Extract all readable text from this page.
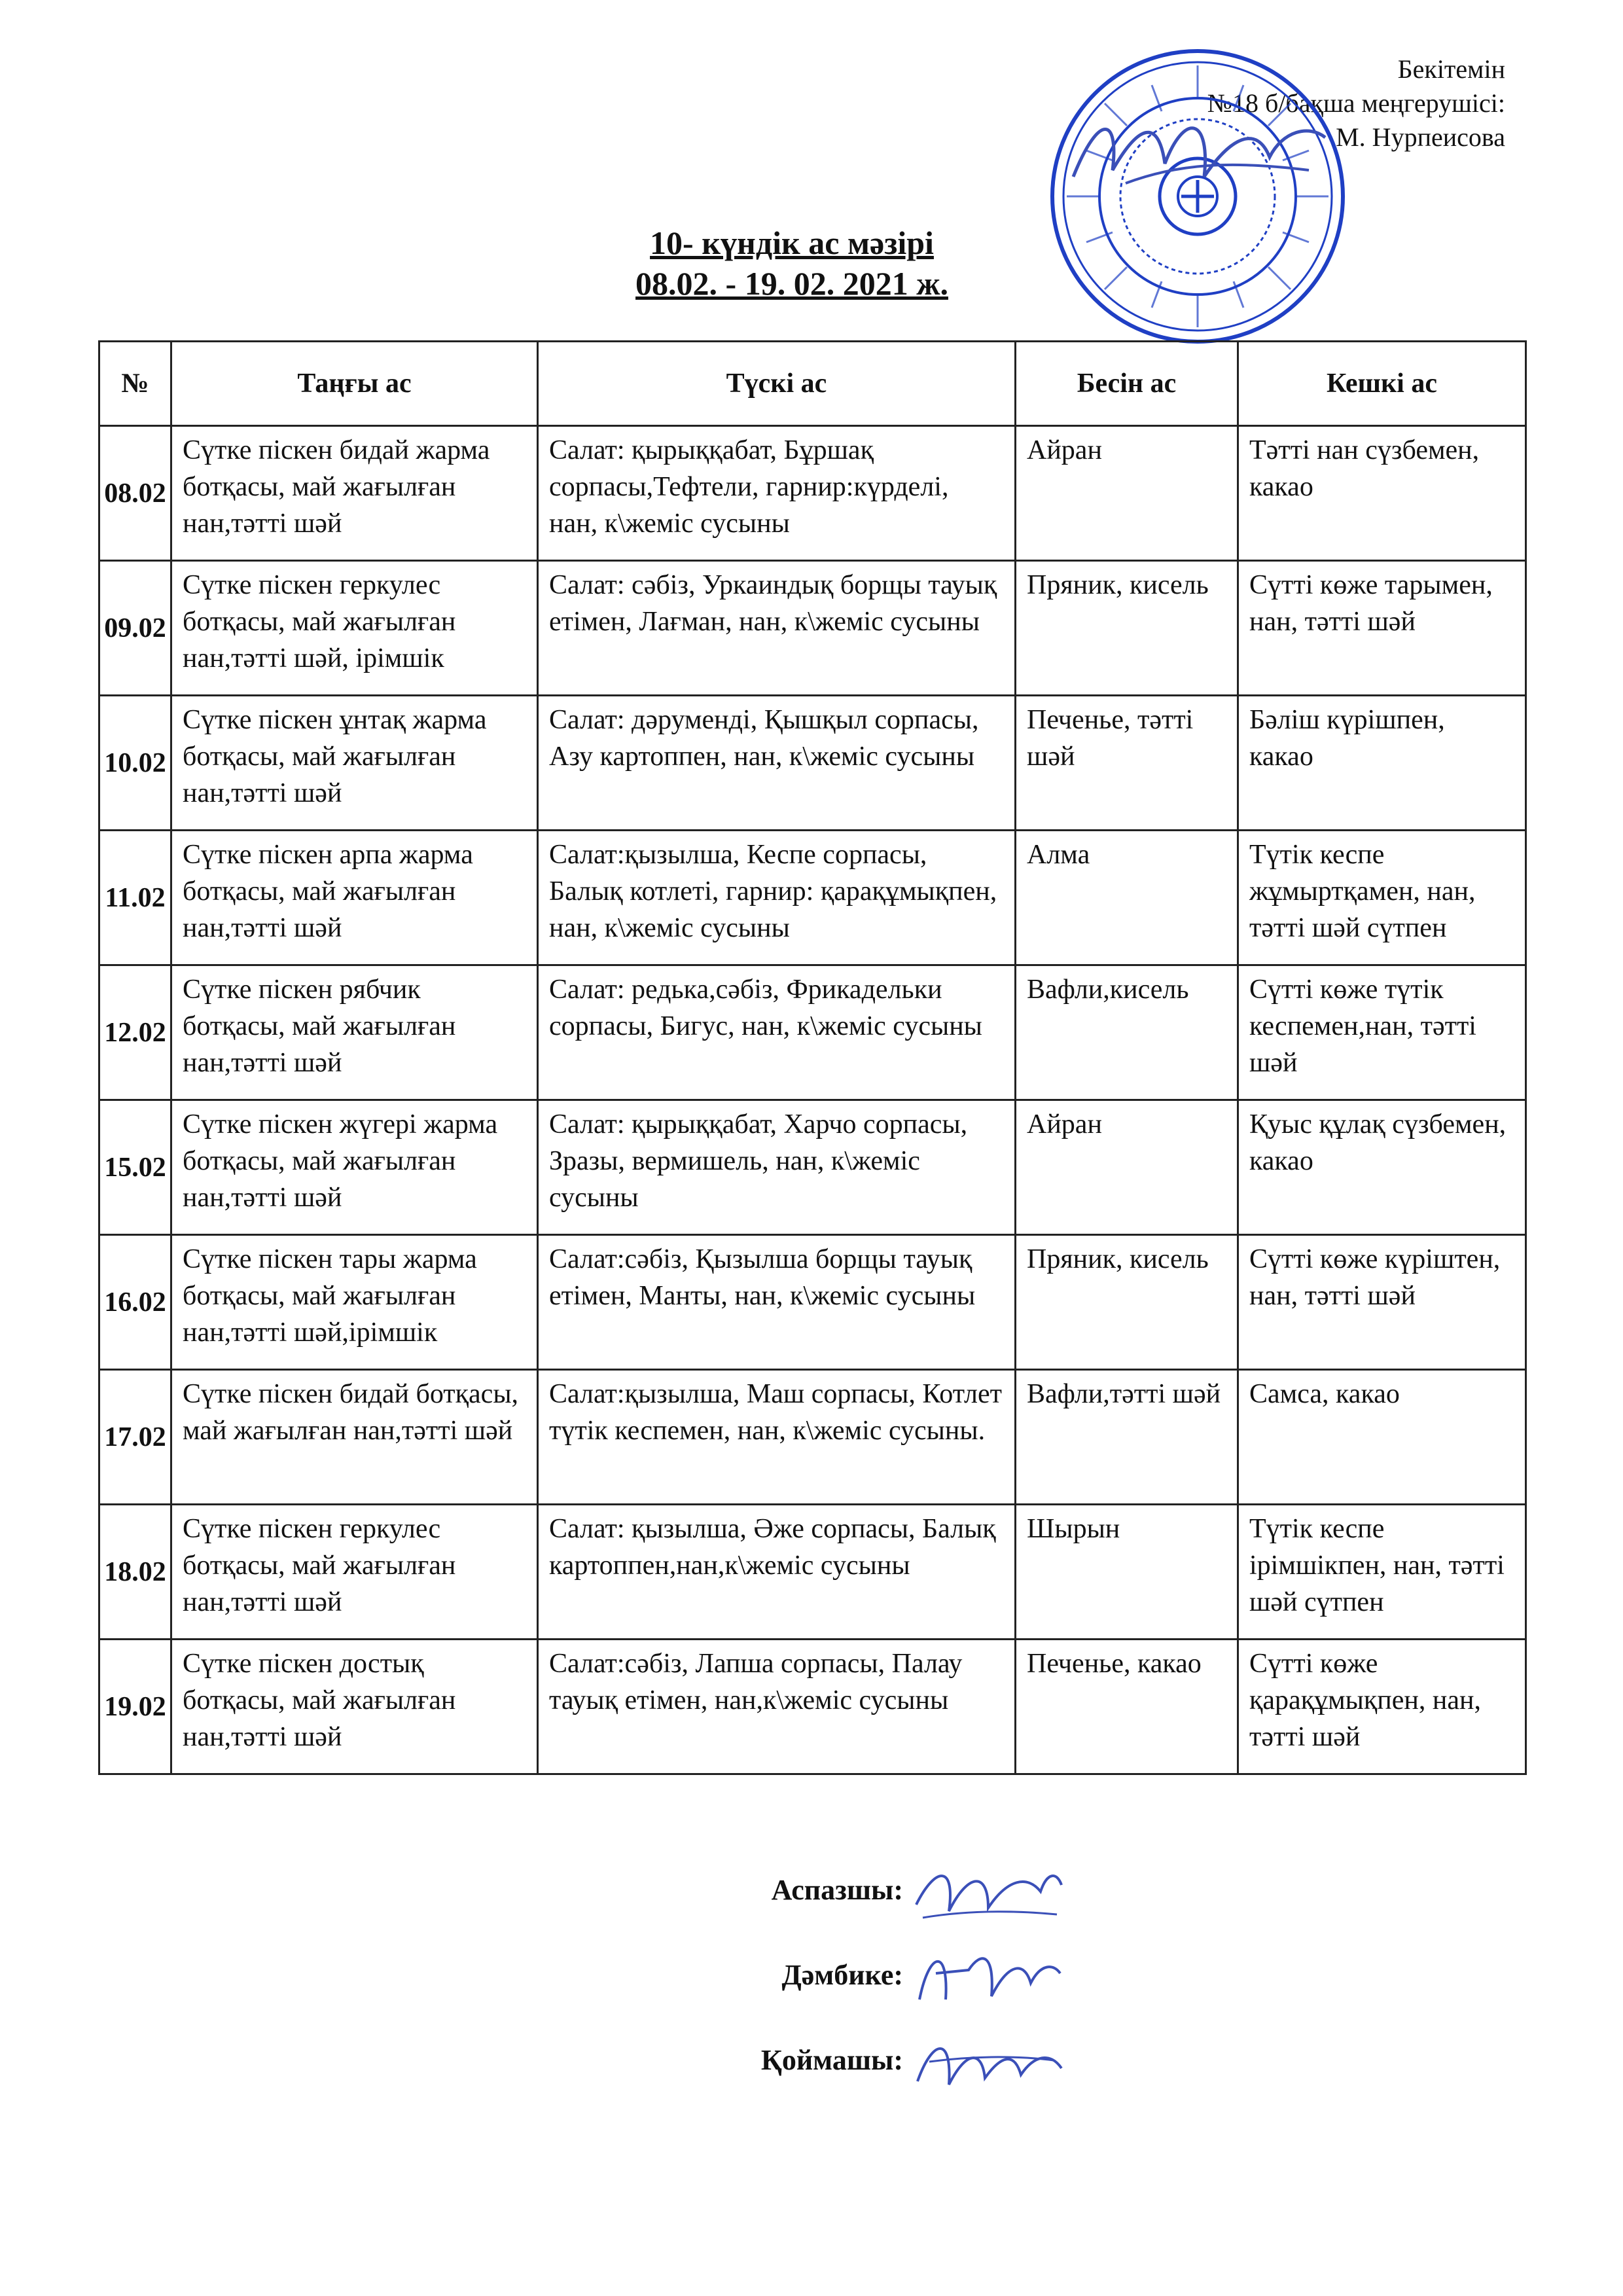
Бекітемін
№18 б/бақша меңгерушісі:
М. Нурпеисова
10- күндік ас мәзірі
08.02. - 19. 02. 2021 ж.
№	Таңғы ас	Түскі ас	Бесін ас	Кешкі ас
08.02	Сүтке піскен бидай жарма ботқасы, май жағылған нан,тәтті шәй	Салат: қырыққабат, Бұршақ сорпасы,Тефтели, гарнир:күрделі, нан, к\жеміс сусыны	Айран	Тәтті нан сүзбемен, какао
09.02	Сүтке піскен геркулес ботқасы, май жағылған нан,тәтті шәй, ірімшік	Салат: сәбіз, Уркаиндық борщы тауық етімен, Лағман, нан, к\жеміс сусыны	Пряник, кисель	Сүтті көже тарымен, нан, тәтті шәй
10.02	Сүтке піскен ұнтақ жарма ботқасы, май жағылған нан,тәтті шәй	Салат: дәрумендi, Қышқыл сорпасы, Азу картоппен, нан, к\жеміс сусыны	Печенье, тәтті шәй	Бәліш күрішпен, какао
11.02	Сүтке піскен арпа жарма ботқасы, май жағылған нан,тәтті шәй	Салат:қызылша, Кеспе сорпасы, Балық котлеті, гарнир: қарақұмықпен, нан, к\жеміс сусыны	Алма	Түтік кеспе жұмыртқамен, нан, тәтті шәй сүтпен
12.02	Сүтке піскен рябчик ботқасы, май жағылған нан,тәтті шәй	Салат: редька,сәбіз, Фрикадельки сорпасы, Бигус, нан, к\жеміс сусыны	Вафли,кисель	Сүтті көже түтік кеспемен,нан, тәтті шәй
15.02	Сүтке піскен жүгері жарма ботқасы, май жағылған нан,тәтті шәй	Салат: қырыққабат, Харчо сорпасы, Зразы, вермишель, нан, к\жеміс сусыны	Айран	Қуыс құлақ сүзбемен, какао
16.02	Сүтке піскен тары жарма ботқасы, май жағылған нан,тәтті шәй,ірімшік	Салат:сәбіз, Қызылша борщы тауық етімен, Манты, нан, к\жеміс сусыны	Пряник, кисель	Сүтті көже күріштен, нан, тәтті шәй
17.02	Сүтке піскен бидай ботқасы, май жағылған нан,тәтті шәй	Салат:қызылша, Маш сорпасы, Котлет түтік кеспемен, нан, к\жеміс сусыны.	Вафли,тәтті шәй	Самса, какао
18.02	Сүтке піскен геркулес ботқасы, май жағылған нан,тәтті шәй	Салат: қызылша, Әже сорпасы, Балық картоппен,нан,к\жеміс сусыны	Шырын	Түтік кеспе ірімшікпен, нан, тәтті шәй сүтпен
19.02	Сүтке піскен достық ботқасы, май жағылған нан,тәтті шәй	Салат:сәбіз, Лапша сорпасы, Палау тауық етімен, нан,к\жеміс сусыны	Печенье, какао	Сүтті көже қарақұмықпен, нан, тәтті шәй
Аспазшы:
Дәмбике:
Қоймашы:
